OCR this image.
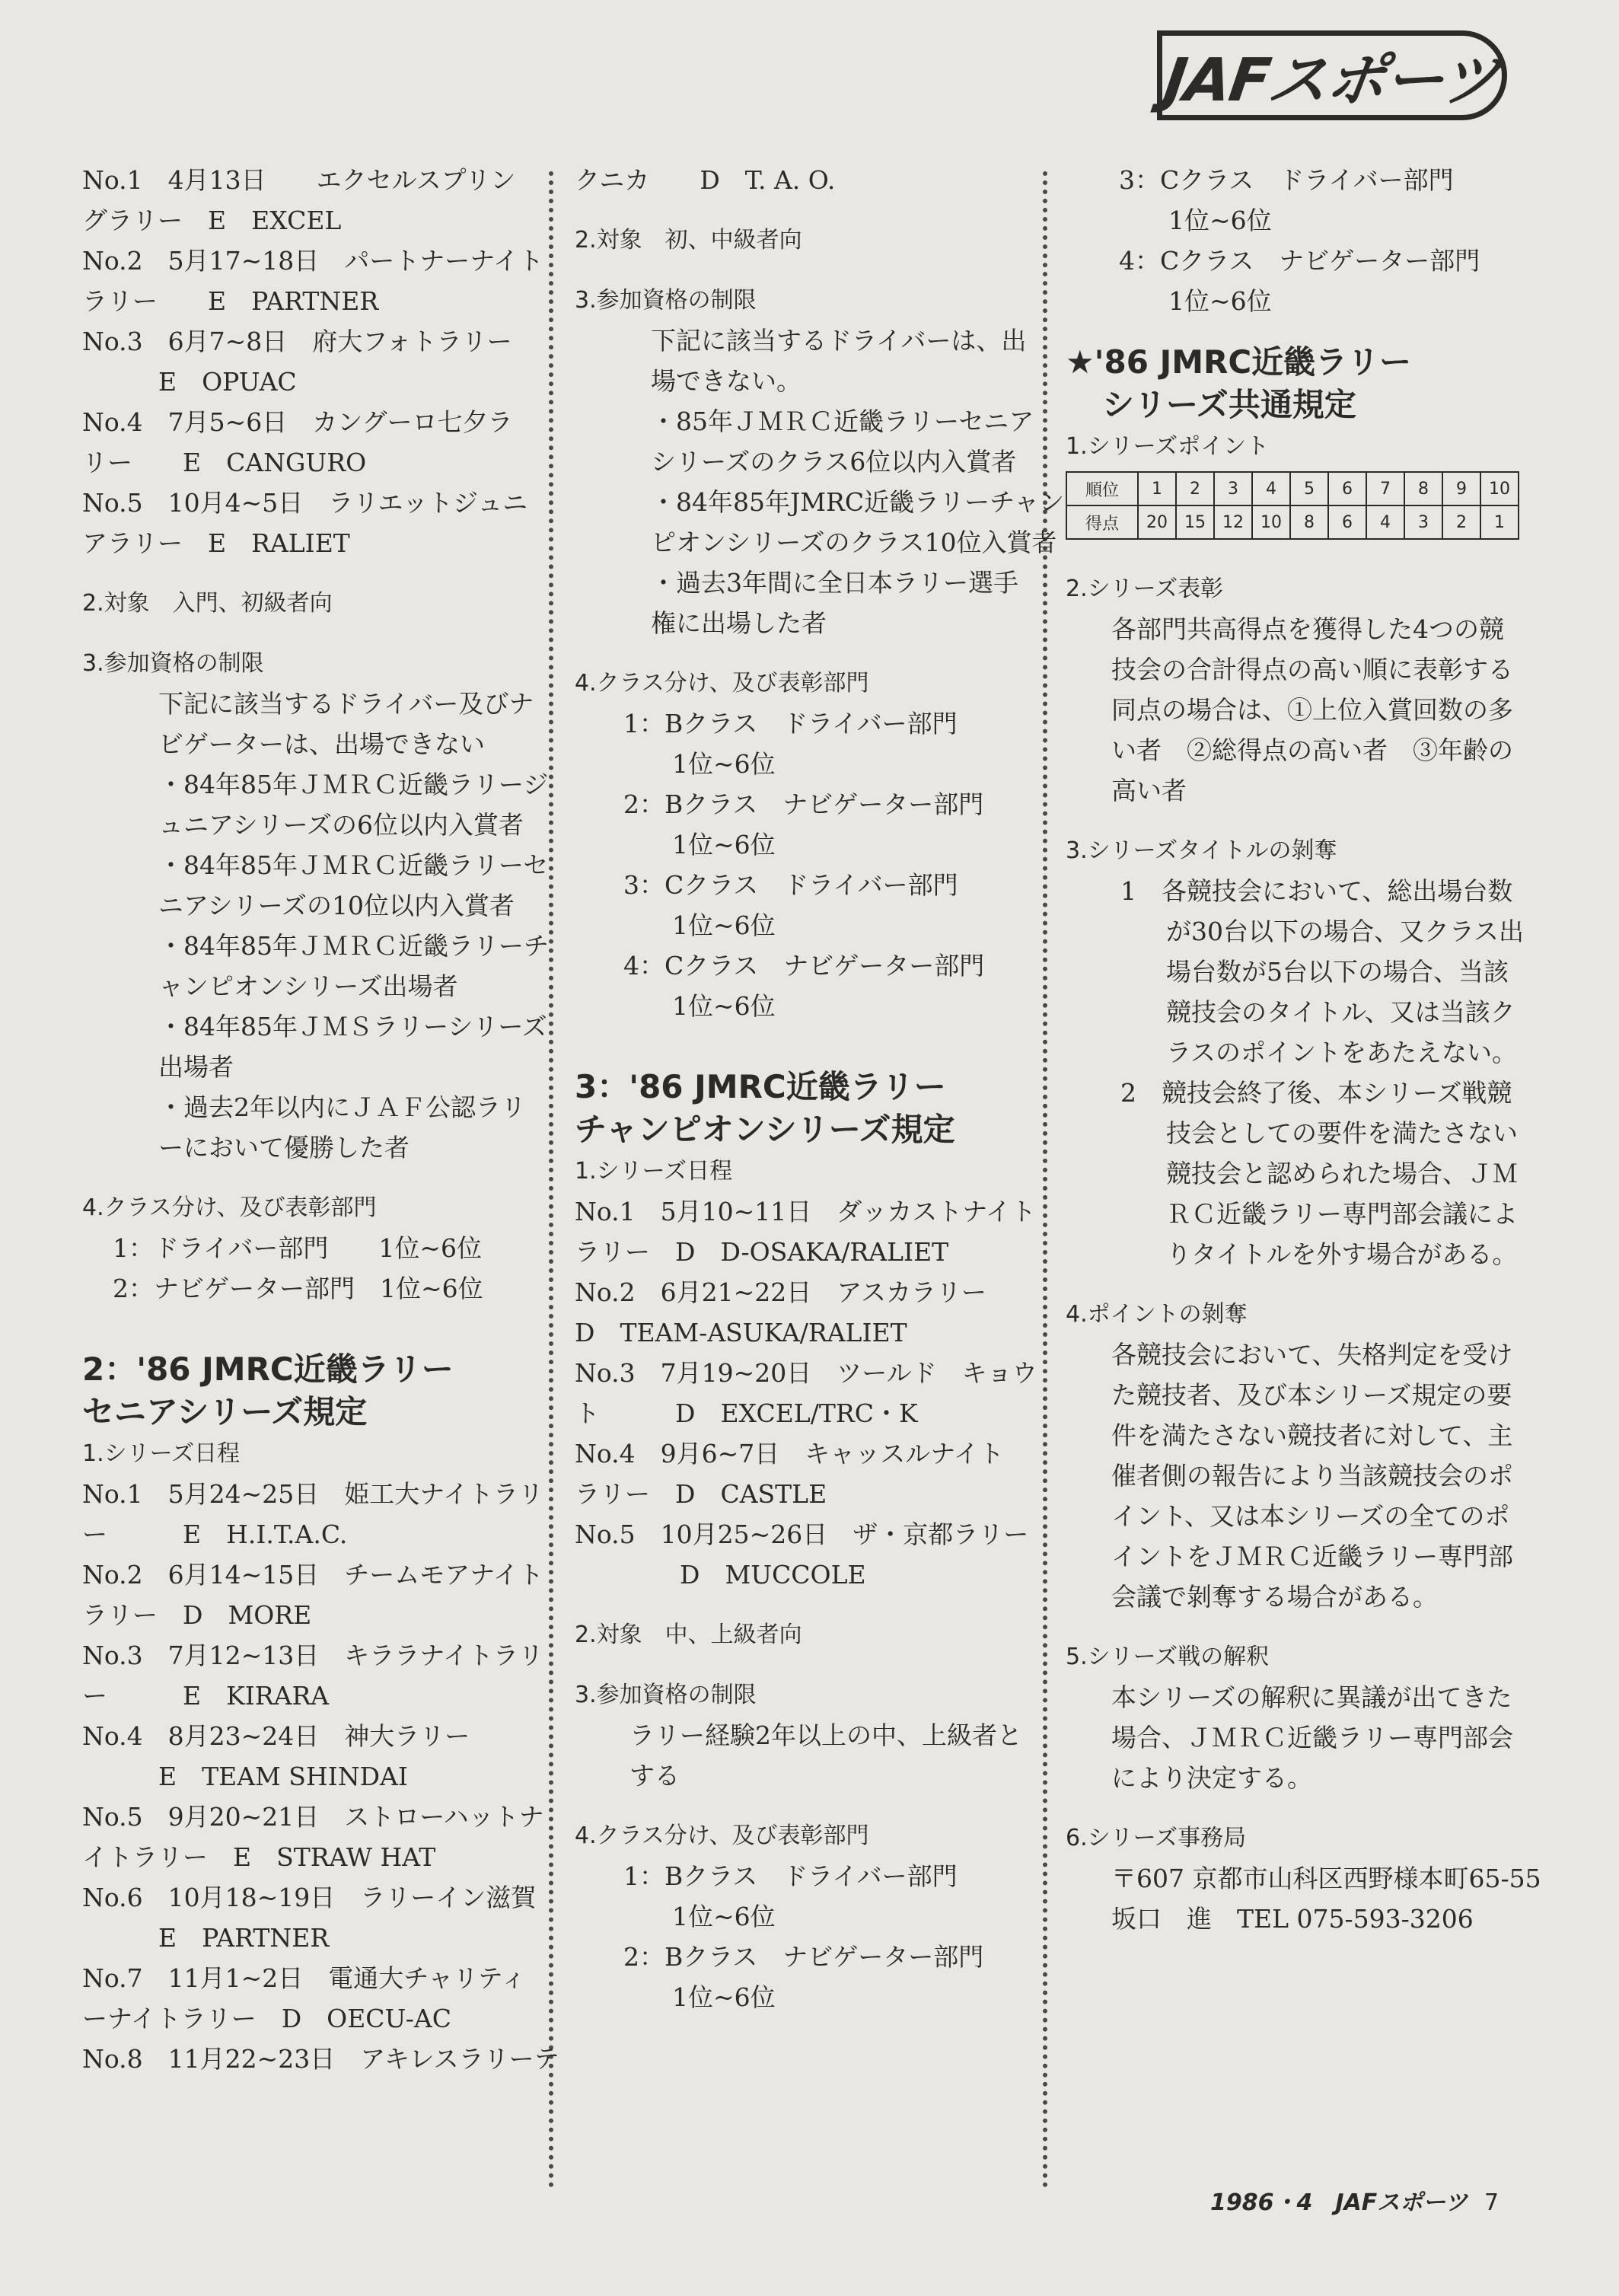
JAFスポーツ
No.1　4月13日　　エクセルスプリン
グラリー　E　EXCEL
No.2　5月17~18日　パートナーナイト
ラリー　　E　PARTNER
No.3　6月7~8日　府大フォトラリー
E　OPUAC
No.4　7月5~6日　カングーロ七夕ラ
リー　　E　CANGURO
No.5　10月4~5日　ラリエットジュニ
アラリー　E　RALIET
2.対象　入門、初級者向
3.参加資格の制限
下記に該当するドライバー及びナ
ビゲーターは、出場できない
・84年85年ＪＭＲＣ近畿ラリージ
ュニアシリーズの6位以内入賞者
・84年85年ＪＭＲＣ近畿ラリーセ
ニアシリーズの10位以内入賞者
・84年85年ＪＭＲＣ近畿ラリーチ
ャンピオンシリーズ出場者
・84年85年ＪＭＳラリーシリーズ
出場者
・過去2年以内にＪＡＦ公認ラリ
ーにおいて優勝した者
4.クラス分け、及び表彰部門
1：ドライバー部門　　1位~6位
2：ナビゲーター部門　1位~6位
2：'86 JMRC近畿ラリー
セニアシリーズ規定
1.シリーズ日程
No.1　5月24~25日　姫工大ナイトラリ
ー　　　E　H.I.T.A.C.
No.2　6月14~15日　チームモアナイト
ラリー　D　MORE
No.3　7月12~13日　キララナイトラリ
ー　　　E　KIRARA
No.4　8月23~24日　神大ラリー
E　TEAM SHINDAI
No.5　9月20~21日　ストローハットナ
イトラリー　E　STRAW HAT
No.6　10月18~19日　ラリーイン滋賀
E　PARTNER
No.7　11月1~2日　電通大チャリティ
ーナイトラリー　D　OECU-AC
No.8　11月22~23日　アキレスラリーテ
クニカ　　D　T. A. O.
2.対象　初、中級者向
3.参加資格の制限
下記に該当するドライバーは、出
場できない。
・85年ＪＭＲＣ近畿ラリーセニア
シリーズのクラス6位以内入賞者
・84年85年JMRC近畿ラリーチャン
ピオンシリーズのクラス10位入賞者
・過去3年間に全日本ラリー選手
権に出場した者
4.クラス分け、及び表彰部門
1：Bクラス　ドライバー部門
1位~6位
2：Bクラス　ナビゲーター部門
1位~6位
3：Cクラス　ドライバー部門
1位~6位
4：Cクラス　ナビゲーター部門
1位~6位
3：'86 JMRC近畿ラリー
チャンピオンシリーズ規定
1.シリーズ日程
No.1　5月10~11日　ダッカストナイト
ラリー　D　D-OSAKA/RALIET
No.2　6月21~22日　アスカラリー
D　TEAM-ASUKA/RALIET
No.3　7月19~20日　ツールド　キョウ
ト　　　D　EXCEL/TRC・K
No.4　9月6~7日　キャッスルナイト
ラリー　D　CASTLE
No.5　10月25~26日　ザ・京都ラリー
D　MUCCOLE
2.対象　中、上級者向
3.参加資格の制限
ラリー経験2年以上の中、上級者と
する
4.クラス分け、及び表彰部門
1：Bクラス　ドライバー部門
1位~6位
2：Bクラス　ナビゲーター部門
1位~6位
3：Cクラス　ドライバー部門
1位~6位
4：Cクラス　ナビゲーター部門
1位~6位
★'86 JMRC近畿ラリー
シリーズ共通規定
1.シリーズポイント
順位	1	2	3	4	5	6	7	8	9	10
得点	20	15	12	10	8	6	4	3	2	1
2.シリーズ表彰
各部門共高得点を獲得した4つの競
技会の合計得点の高い順に表彰する
同点の場合は、①上位入賞回数の多
い者　②総得点の高い者　③年齢の
高い者
3.シリーズタイトルの剝奪
1　各競技会において、総出場台数
が30台以下の場合、又クラス出
場台数が5台以下の場合、当該
競技会のタイトル、又は当該ク
ラスのポイントをあたえない。
2　競技会終了後、本シリーズ戦競
技会としての要件を満たさない
競技会と認められた場合、ＪＭ
ＲＣ近畿ラリー専門部会議によ
りタイトルを外す場合がある。
4.ポイントの剝奪
各競技会において、失格判定を受け
た競技者、及び本シリーズ規定の要
件を満たさない競技者に対して、主
催者側の報告により当該競技会のポ
イント、又は本シリーズの全てのポ
イントをＪＭＲＣ近畿ラリー専門部
会議で剝奪する場合がある。
5.シリーズ戦の解釈
本シリーズの解釈に異議が出てきた
場合、ＪＭＲＣ近畿ラリー専門部会
により決定する。
6.シリーズ事務局
〒607 京都市山科区西野様本町65-55
坂口　進　TEL 075-593-3206
1986・4　JAFスポーツ 7
